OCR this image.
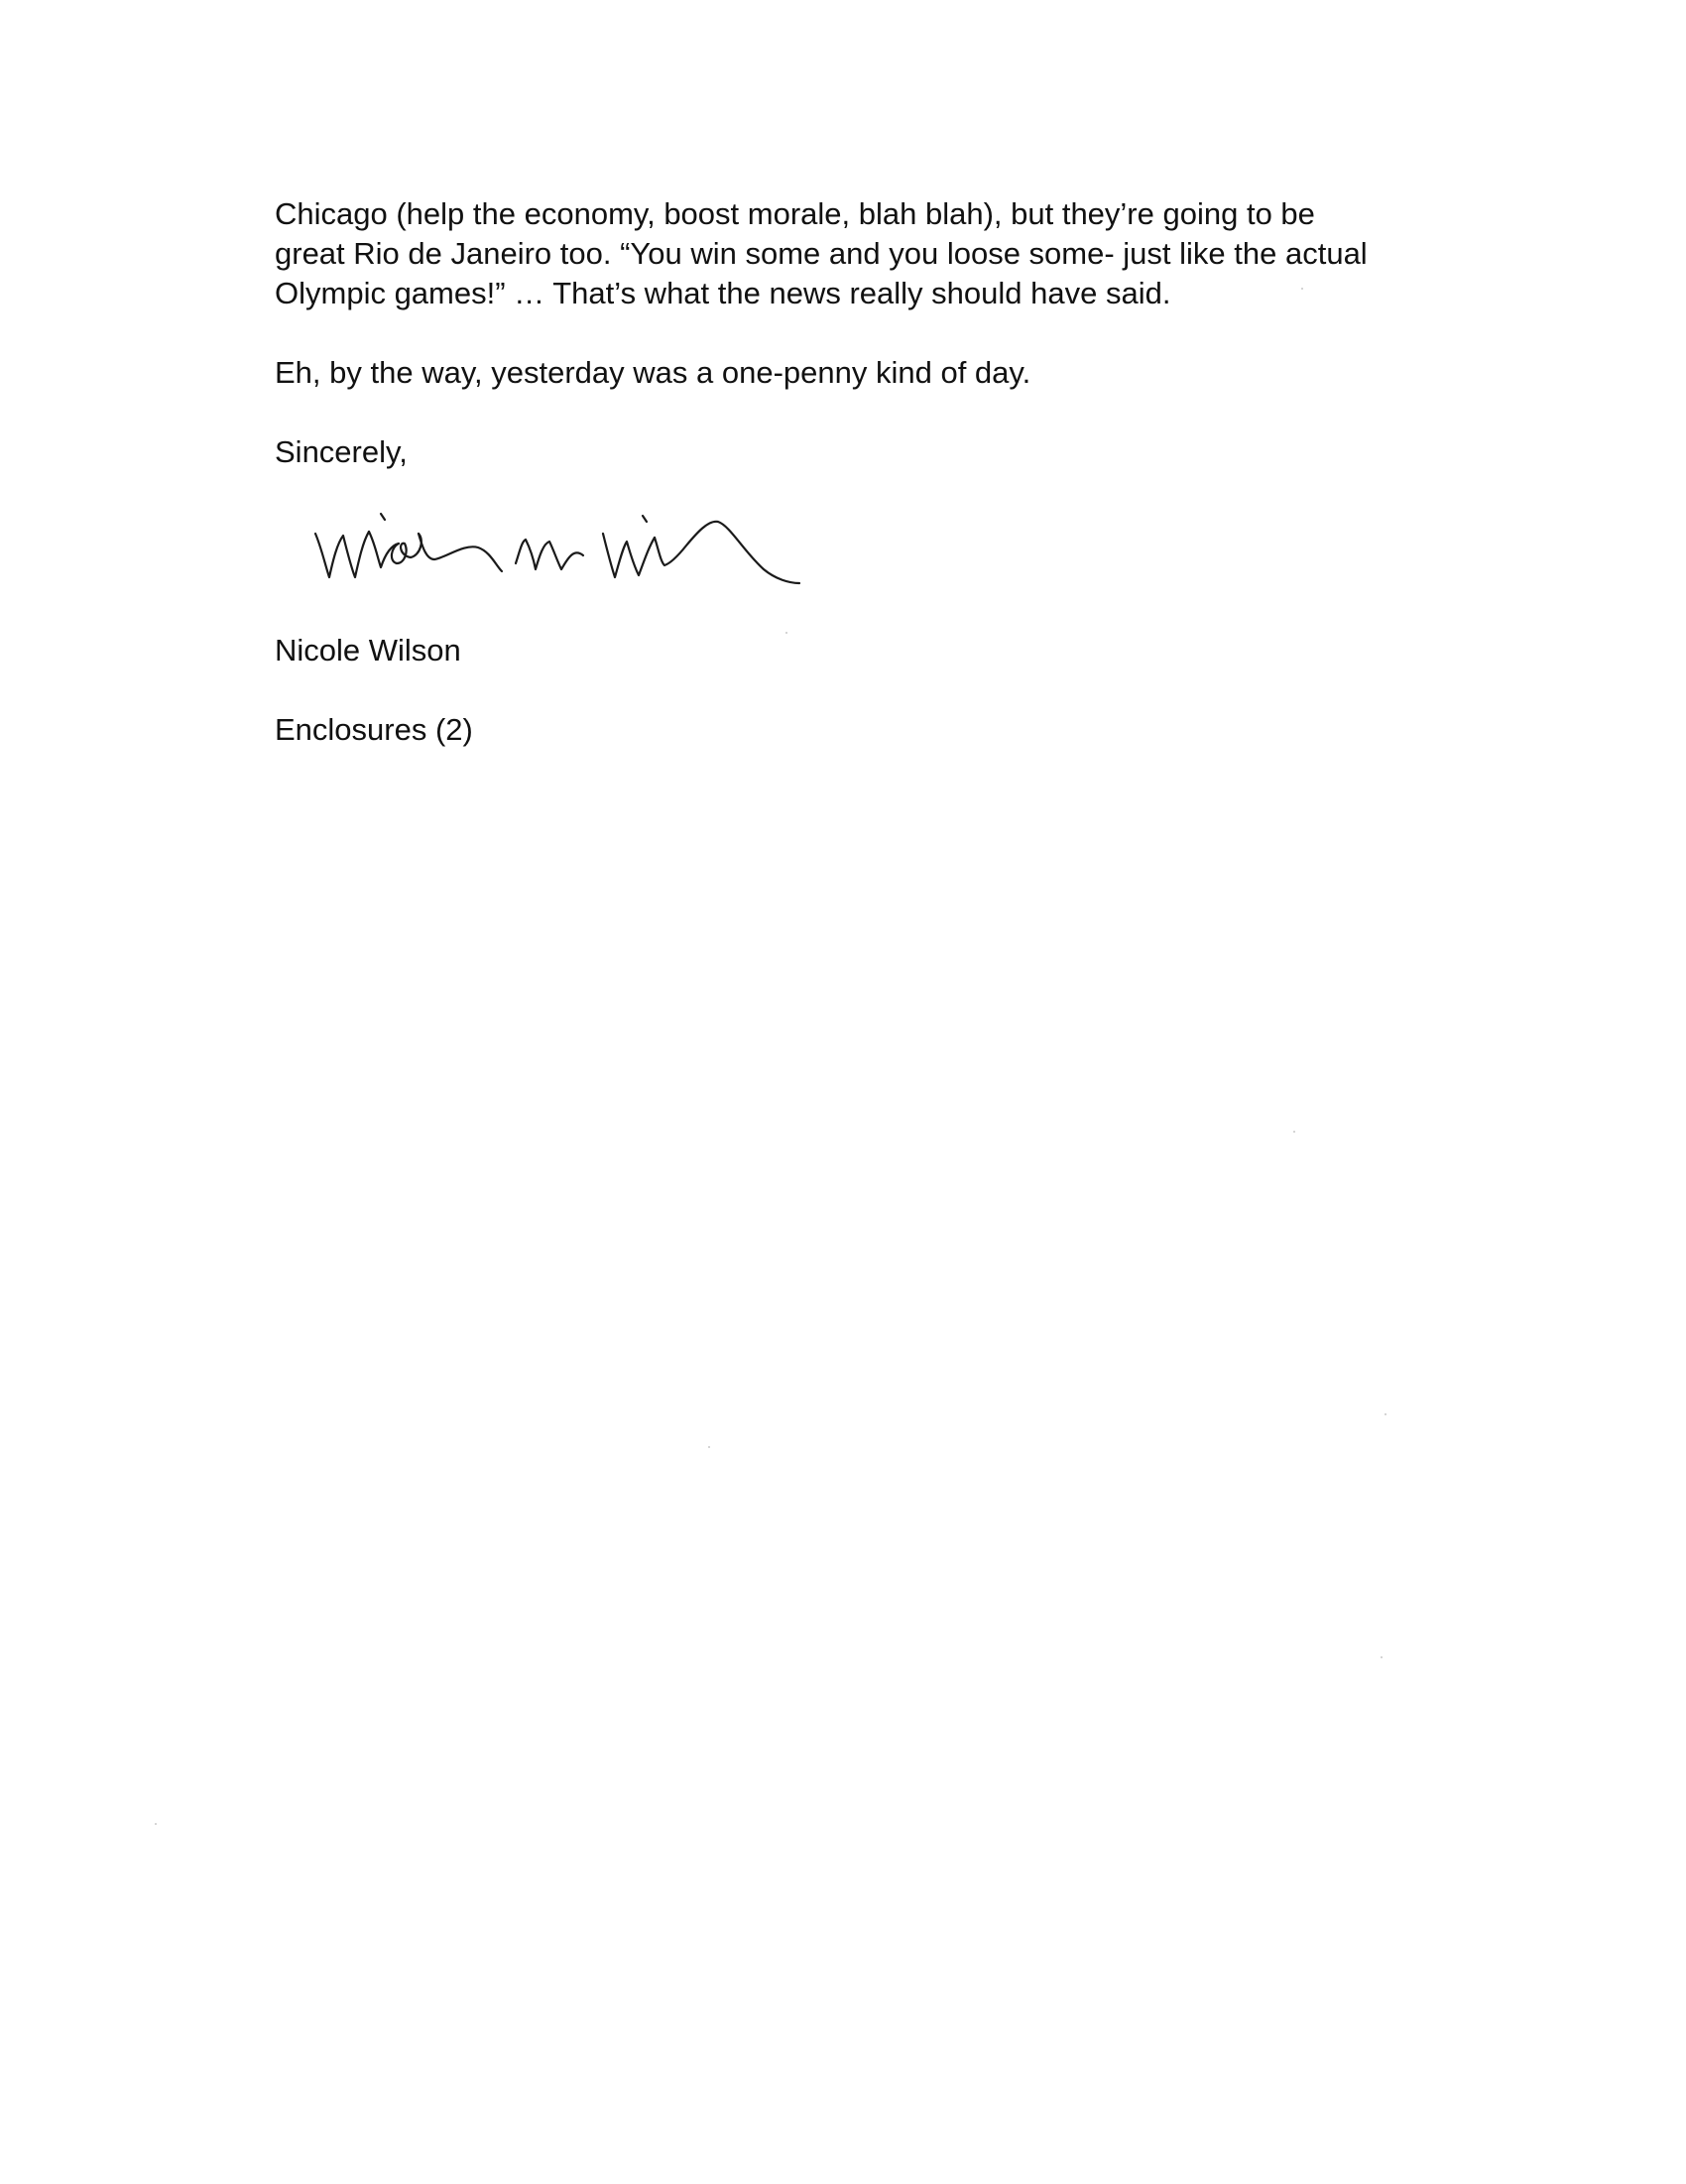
Chicago (help the economy, boost morale, blah blah), but they’re going to be
great Rio de Janeiro too. “You win some and you loose some- just like the actual
Olympic games!” … That’s what the news really should have said.

Eh, by the way, yesterday was a one-penny kind of day.

Sincerely,

Nicole Wilson
Enclosures (2)
